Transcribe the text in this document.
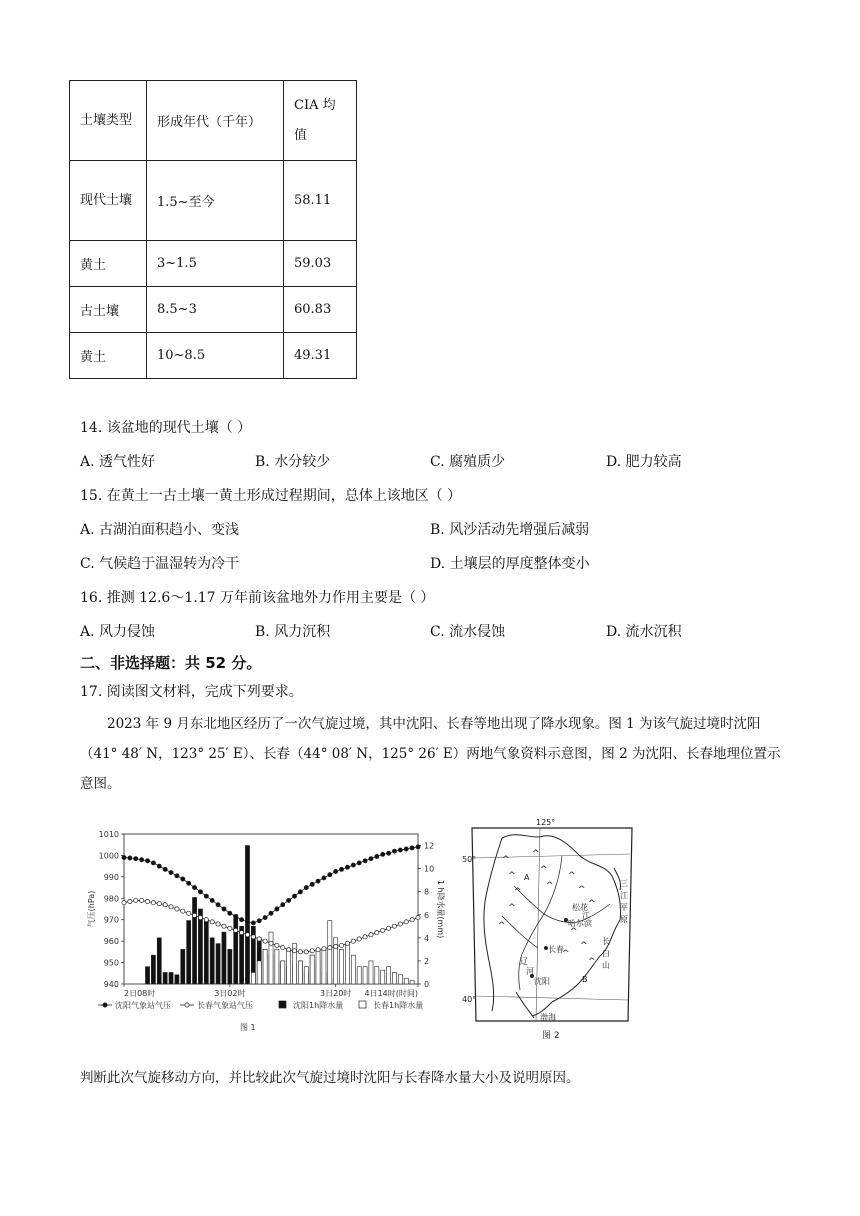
土壤类型	形成年代（千年）	CIA 均值
现代土壤	1.5~至今	58.11
黄土	3~1.5	59.03
古土壤	8.5~3	60.83
黄土	10~8.5	49.31
14. 该盆地的现代土壤（ ）
A. 透气性好	B. 水分较少	C. 腐殖质少	D. 肥力较高
15. 在黄土一古土壤一黄土形成过程期间，总体上该地区（ ）
A. 古湖泊面积趋小、变浅	B. 风沙活动先增强后减弱
C. 气候趋于温湿转为冷干	D. 土壤层的厚度整体变小
16. 推测 12.6～1.17 万年前该盆地外力作用主要是（ ）
A. 风力侵蚀	B. 风力沉积	C. 流水侵蚀	D. 流水沉积
二、非选择题：共 52 分。
17. 阅读图文材料，完成下列要求。
2023 年 9 月东北地区经历了一次气旋过境，其中沈阳、长春等地出现了降水现象。图 1 为该气旋过境时沈阳（41° 48′ N，123° 25′ E）、长春（44° 08′ N，125° 26′ E）两地气象资料示意图，图 2 为沈阳、长春地理位置示意图。
1010
1000
990
980
970
960
950
940
12
10
8
6
4
2
0
气压(hPa)	1 h降水量(mm)
2日08时	3日02时	3日20时 4日14时(时间)
沈阳气象站气压	长春气象站气压	沈阳1h降水量	长春1h降水量
图 1
^
^
^
^
^
^
^
^
^
^
^
^
^
^
^
125°
50°
40°
长春
沈阳
哈尔滨
渤海
松花
江
辽
河
三
江
平
原
长
白
山
A
B
图 2
判断此次气旋移动方向，并比较此次气旋过境时沈阳与长春降水量大小及说明原因。
